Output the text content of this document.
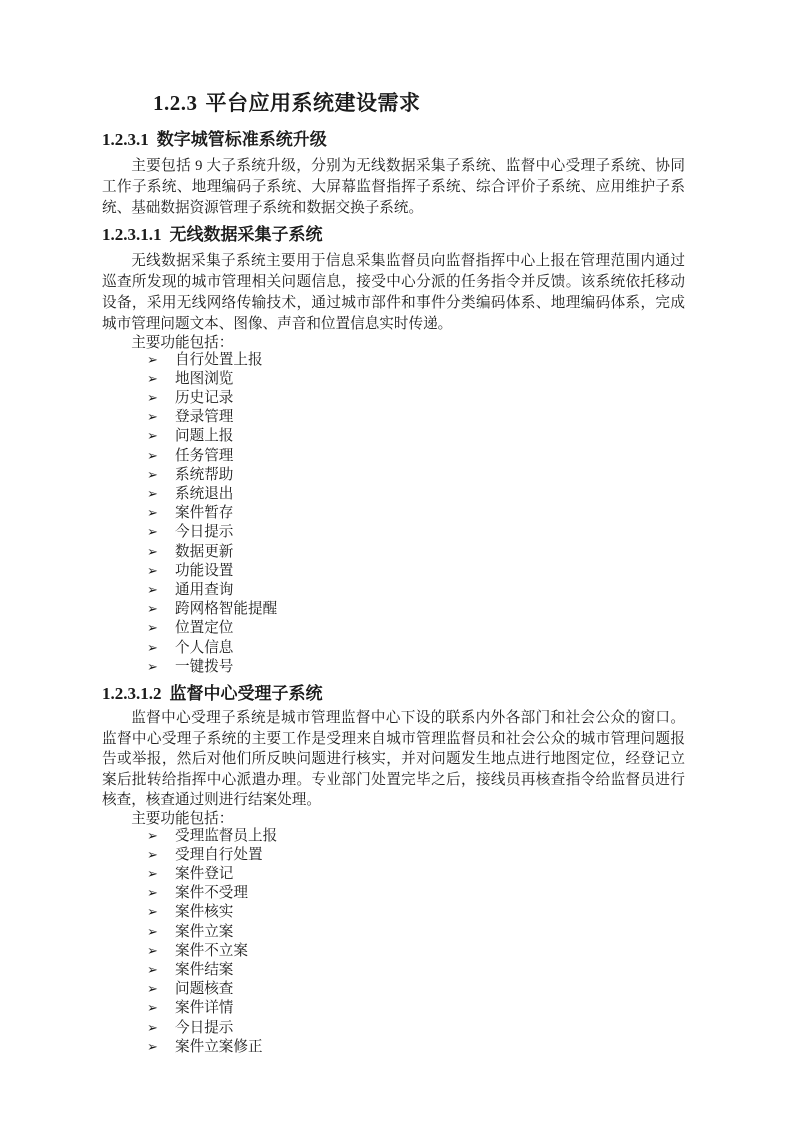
1.2.3 平台应用系统建设需求
1.2.3.1 数字城管标准系统升级

主要包括 9 大子系统升级，分别为无线数据采集子系统、监督中心受理子系统、协同工作子系统、地理编码子系统、大屏幕监督指挥子系统、综合评价子系统、应用维护子系统、基础数据资源管理子系统和数据交换子系统。

1.2.3.1.1 无线数据采集子系统

无线数据采集子系统主要用于信息采集监督员向监督指挥中心上报在管理范围内通过巡查所发现的城市管理相关问题信息，接受中心分派的任务指令并反馈。该系统依托移动设备，采用无线网络传输技术，通过城市部件和事件分类编码体系、地理编码体系，完成城市管理问题文本、图像、声音和位置信息实时传递。

主要功能包括：

➢ 自行处置上报
➢ 地图浏览
➢ 历史记录
➢ 登录管理
➢ 问题上报
➢ 任务管理
➢ 系统帮助
➢ 系统退出
➢ 案件暂存
➢ 今日提示
➢ 数据更新
➢ 功能设置
➢ 通用查询
➢ 跨网格智能提醒
➢ 位置定位
➢ 个人信息
➢ 一键拨号
1.2.3.1.2 监督中心受理子系统

监督中心受理子系统是城市管理监督中心下设的联系内外各部门和社会公众的窗口。监督中心受理子系统的主要工作是受理来自城市管理监督员和社会公众的城市管理问题报告或举报，然后对他们所反映问题进行核实，并对问题发生地点进行地图定位，经登记立案后批转给指挥中心派遣办理。专业部门处置完毕之后，接线员再核查指令给监督员进行核查，核查通过则进行结案处理。

主要功能包括：

➢ 受理监督员上报
➢ 受理自行处置
➢ 案件登记
➢ 案件不受理
➢ 案件核实
➢ 案件立案
➢ 案件不立案
➢ 案件结案
➢ 问题核查
➢ 案件详情
➢ 今日提示
➢ 案件立案修正
